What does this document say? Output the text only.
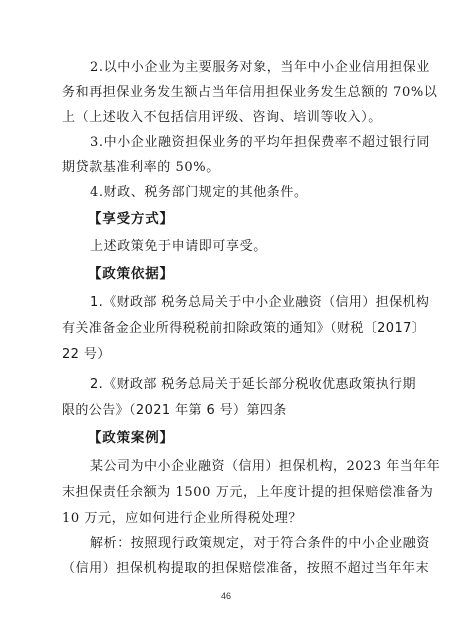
2.以中小企业为主要服务对象，当年中小企业信用担保业
务和再担保业务发生额占当年信用担保业务发生总额的 70%以
上（上述收入不包括信用评级、咨询、培训等收入）。
3.中小企业融资担保业务的平均年担保费率不超过银行同
期贷款基准利率的 50%。
4.财政、税务部门规定的其他条件。
【享受方式】
上述政策免于申请即可享受。
【政策依据】
1.《财政部 税务总局关于中小企业融资（信用）担保机构
有关准备金企业所得税税前扣除政策的通知》（财税〔2017〕
22 号）
2.《财政部 税务总局关于延长部分税收优惠政策执行期
限的公告》（2021 年第 6 号）第四条
【政策案例】
某公司为中小企业融资（信用）担保机构，2023 年当年年
末担保责任余额为 1500 万元，上年度计提的担保赔偿准备为
10 万元，应如何进行企业所得税处理？
解析：按照现行政策规定，对于符合条件的中小企业融资
（信用）担保机构提取的担保赔偿准备，按照不超过当年年末
46
